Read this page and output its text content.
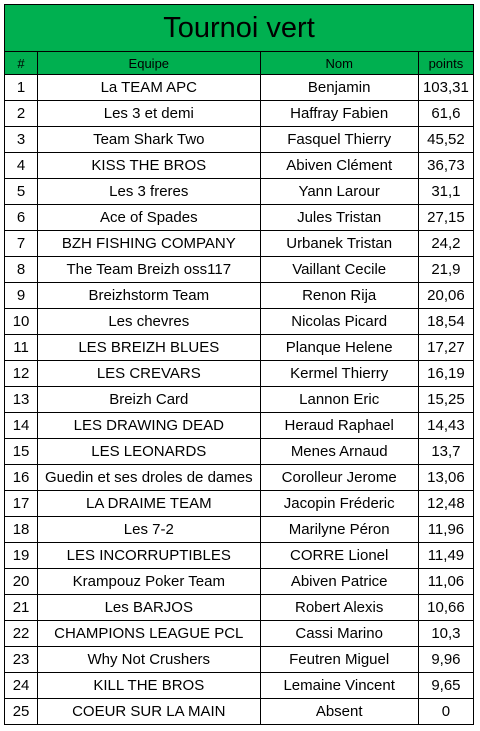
Tournoi vert			
#	Equipe	Nom	points
1	La TEAM APC	Benjamin	103,31
2	Les 3 et demi	Haffray Fabien	61,6
3	Team Shark Two	Fasquel Thierry	45,52
4	KISS THE BROS	Abiven Clément	36,73
5	Les 3 freres	Yann Larour	31,1
6	Ace of Spades	Jules Tristan	27,15
7	BZH FISHING COMPANY	Urbanek Tristan	24,2
8	The Team Breizh oss117	Vaillant Cecile	21,9
9	Breizhstorm Team	Renon Rija	20,06
10	Les chevres	Nicolas Picard	18,54
11	LES BREIZH BLUES	Planque Helene	17,27
12	LES CREVARS	Kermel Thierry	16,19
13	Breizh Card	Lannon Eric	15,25
14	LES DRAWING DEAD	Heraud Raphael	14,43
15	LES LEONARDS	Menes Arnaud	13,7
16	Guedin et ses droles de dames	Corolleur Jerome	13,06
17	LA DRAIME TEAM	Jacopin Fréderic	12,48
18	Les 7-2	Marilyne Péron	11,96
19	LES INCORRUPTIBLES	CORRE Lionel	11,49
20	Krampouz Poker Team	Abiven Patrice	11,06
21	Les BARJOS	Robert Alexis	10,66
22	CHAMPIONS LEAGUE PCL	Cassi Marino	10,3
23	Why Not Crushers	Feutren Miguel	9,96
24	KILL THE BROS	Lemaine Vincent	9,65
25	COEUR SUR LA MAIN	Absent	0
